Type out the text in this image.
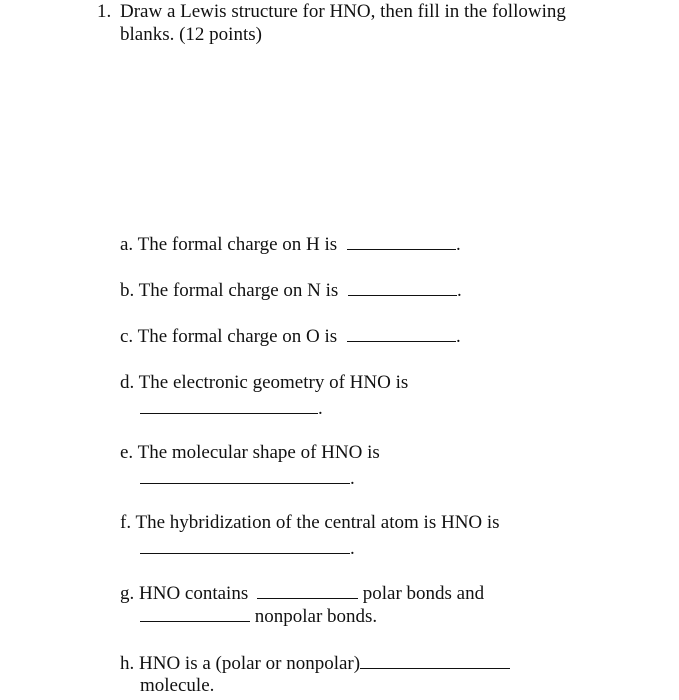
1. Draw a Lewis structure for HNO, then fill in the following
blanks. (12 points)
a. The formal charge on H is	.
b. The formal charge on N is	.
c. The formal charge on O is	.
d. The electronic geometry of HNO is
.
e. The molecular shape of HNO is
.
f. The hybridization of the central atom is HNO is
.
g. HNO contains	polar bonds and
nonpolar bonds.
h. HNO is a (polar or nonpolar)
molecule.
